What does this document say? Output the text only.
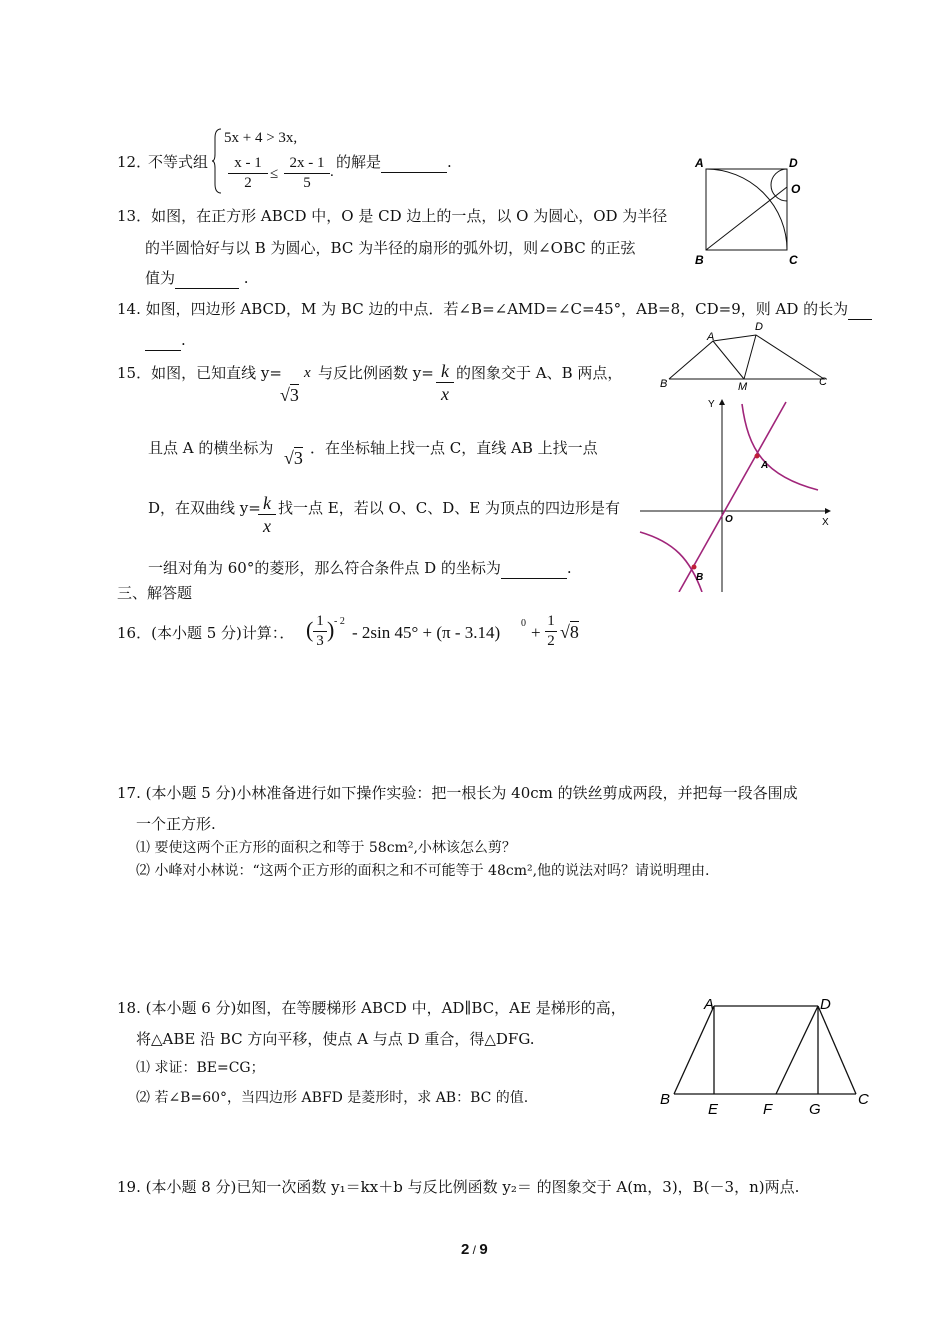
12．
不等式组
5x + 4 > 3x,
$\frac{x - 1}{2} \le \frac{2x - 1}{5}$ .
的解是	.	A	D
O
B	C
13．如图，在正方形 ABCD 中，O 是 CD 边上的一点，以 O 为圆心，OD 为半径
的半圆恰好与以 B 为圆心，BC 为半径的扇形的弧外切，则∠OBC 的正弦
值为	.
14. 如图，四边形 ABCD，M 为 BC 边的中点．若∠B=∠AMD=∠C=45°，AB=8，CD=9，则 AD 的长为
.	A
D
B	M	C
15．如图，已知直线 y=
√3
x 与反比例函数 $y= \frac{k}{x}$ 的图象交于 A、B 两点，
且点 A 的横坐标为 √3 ．在坐标轴上找一点 C，直线 AB 上找一点
D，在双曲线 y=
$\frac{k}{x}$ 找一点 E，若以 O、C、D、E 为顶点的四边形是有
一组对角为 60°的菱形，那么符合条件点 D 的坐标为	.
Y
X
O
A
B
三、解答题
16．(本小题 5 分)计算：． ( $\frac{1}{3}$ ) - 2
- 2sin 45° + (π - 3.14) $0 + \frac{1}{2} √8$
17. (本小题 5 分)小林准备进行如下操作实验：把一根长为 40cm 的铁丝剪成两段，并把每一段各围成
一个正方形.
⑴ 要使这两个正方形的面积之和等于 58cm²,小林该怎么剪？
⑵ 小峰对小林说：“这两个正方形的面积之和不可能等于 48cm²,他的说法对吗？请说明理由.
18. (本小题 6 分)如图，在等腰梯形 ABCD 中，AD∥BC，AE 是梯形的高，
将△ABE 沿 BC 方向平移，使点 A 与点 D 重合，得△DFG.
⑴ 求证：BE=CG；
⑵ 若∠B=60°，当四边形 ABFD 是菱形时，求 AB：BC 的值.
A	D
B
E	F G
C
19. (本小题 8 分)已知一次函数 y₁＝kx＋b 与反比例函数 y₂＝ 的图象交于 A(m，3)，B(－3，n)两点.
2 / 9
